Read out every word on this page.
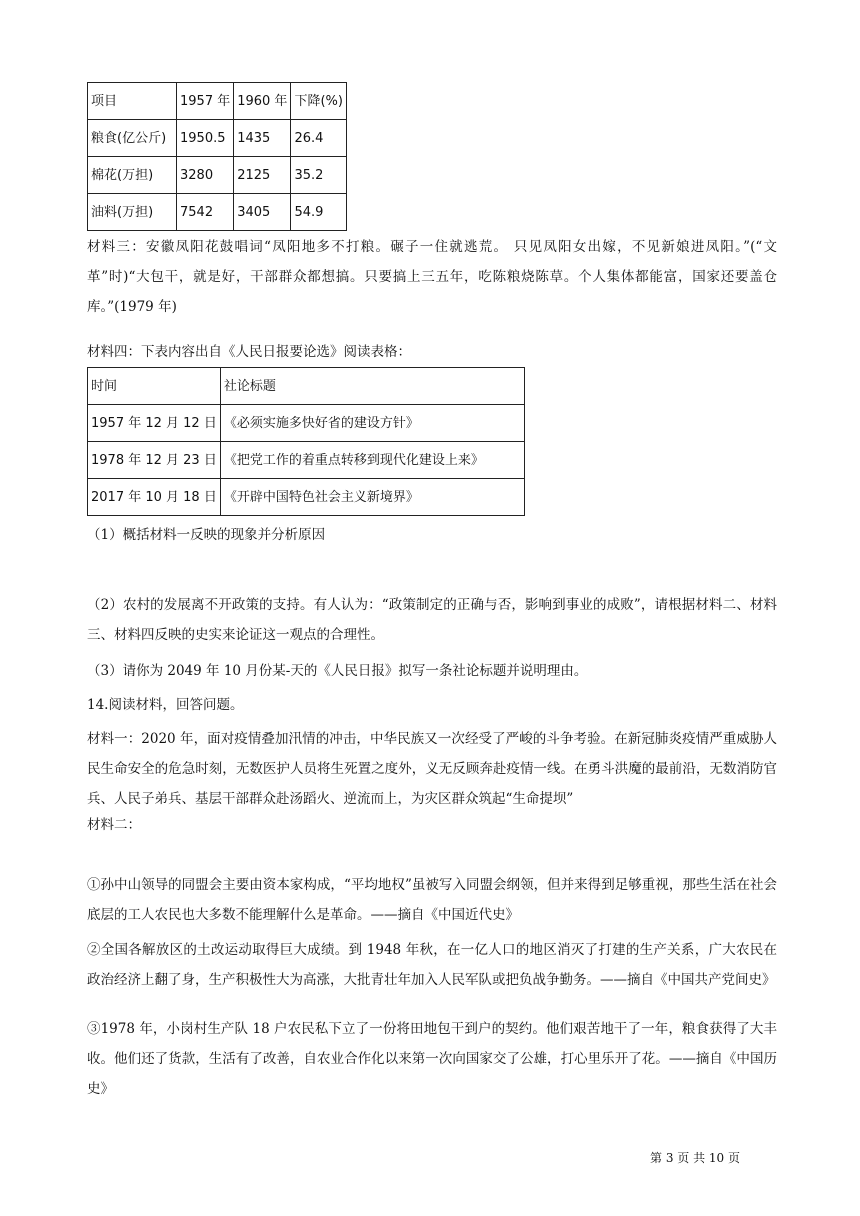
项目	1957 年	1960 年	下降(%)
粮食(亿公斤)	1950.5	1435	26.4
棉花(万担)	3280	2125	35.2
油料(万担)	7542	3405	54.9
材料三：安徽凤阳花鼓唱词“凤阳地多不打粮。碾子一住就逃荒。 只见凤阳女出嫁，不见新娘进凤阳。”(“文革”时)“大包干，就是好，干部群众都想搞。只要搞上三五年，吃陈粮烧陈草。个人集体都能富，国家还要盖仓库。”(1979 年)
材料四：下表内容出自《人民日报要论选》阅读表格：
时间	社论标题
1957 年 12 月 12 日	《必须实施多快好省的建设方针》
1978 年 12 月 23 日	《把党工作的着重点转移到现代化建设上来》
2017 年 10 月 18 日	《开辟中国特色社会主义新境界》
（1）概括材料一反映的现象并分析原因
（2）农村的发展离不开政策的支持。有人认为：“政策制定的正确与否，影响到事业的成败”，请根据材料二、材料三、材料四反映的史实来论证这一观点的合理性。
（3）请你为 2049 年 10 月份某-天的《人民日报》拟写一条社论标题并说明理由。
14.阅读材料，回答问题。
材料一：2020 年，面对疫情叠加汛情的冲击，中华民族又一次经受了严峻的斗争考验。在新冠肺炎疫情严重威胁人民生命安全的危急时刻，无数医护人员将生死置之度外，义无反顾奔赴疫情一线。在勇斗洪魔的最前沿，无数消防官兵、人民子弟兵、基层干部群众赴汤蹈火、逆流而上，为灾区群众筑起“生命提坝”
材料二：
①孙中山领导的同盟会主要由资本家构成，“平均地权”虽被写入同盟会纲领，但并来得到足够重视，那些生活在社会底层的工人农民也大多数不能理解什么是革命。——摘自《中国近代史》
②全国各解放区的土改运动取得巨大成绩。到 1948 年秋，在一亿人口的地区消灭了打建的生产关系，广大农民在政治经济上翻了身，生产积极性大为高涨，大批青壮年加入人民军队或把负战争勤务。——摘自《中国共产党间史》
③1978 年，小岗村生产队 18 户农民私下立了一份将田地包干到户的契约。他们艰苦地干了一年，粮食获得了大丰收。他们还了货款，生活有了改善，自农业合作化以来第一次向国家交了公雄，打心里乐开了花。——摘自《中国历史》
第 3 页 共 10 页
